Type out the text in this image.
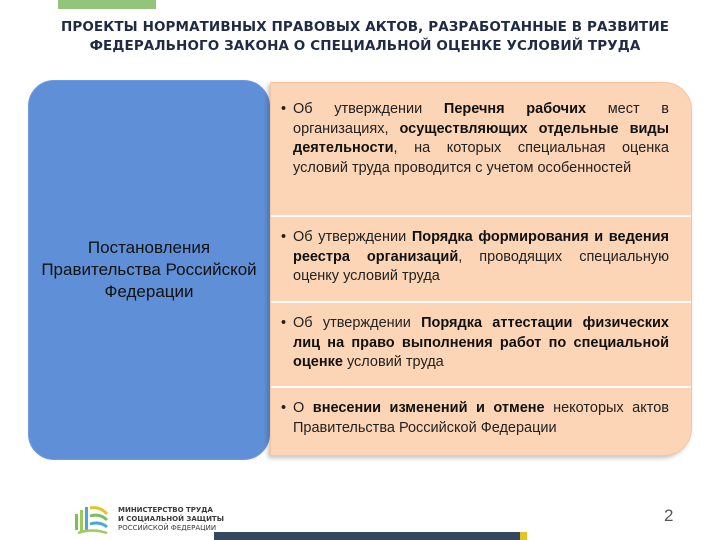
ПРОЕКТЫ НОРМАТИВНЫХ ПРАВОВЫХ АКТОВ, РАЗРАБОТАННЫЕ В РАЗВИТИЕ ФЕДЕРАЛЬНОГО ЗАКОНА О СПЕЦИАЛЬНОЙ ОЦЕНКЕ УСЛОВИЙ ТРУДА
Постановления Правительства Российской Федерации
• Об утверждении Перечня рабочих мест в организациях, осуществляющих отдельные виды деятельности, на которых специальная оценка условий труда проводится с учетом особенностей
• Об утверждении Порядка формирования и ведения реестра организаций, проводящих специальную оценку условий труда
• Об утверждении Порядка аттестации физических лиц на право выполнения работ по специальной оценке условий труда
• О внесении изменений и отмене некоторых актов Правительства Российской Федерации
МИНИСТЕРСТВО ТРУДА
И СОЦИАЛЬНОЙ ЗАЩИТЫ
РОССИЙСКОЙ ФЕДЕРАЦИИ
2
